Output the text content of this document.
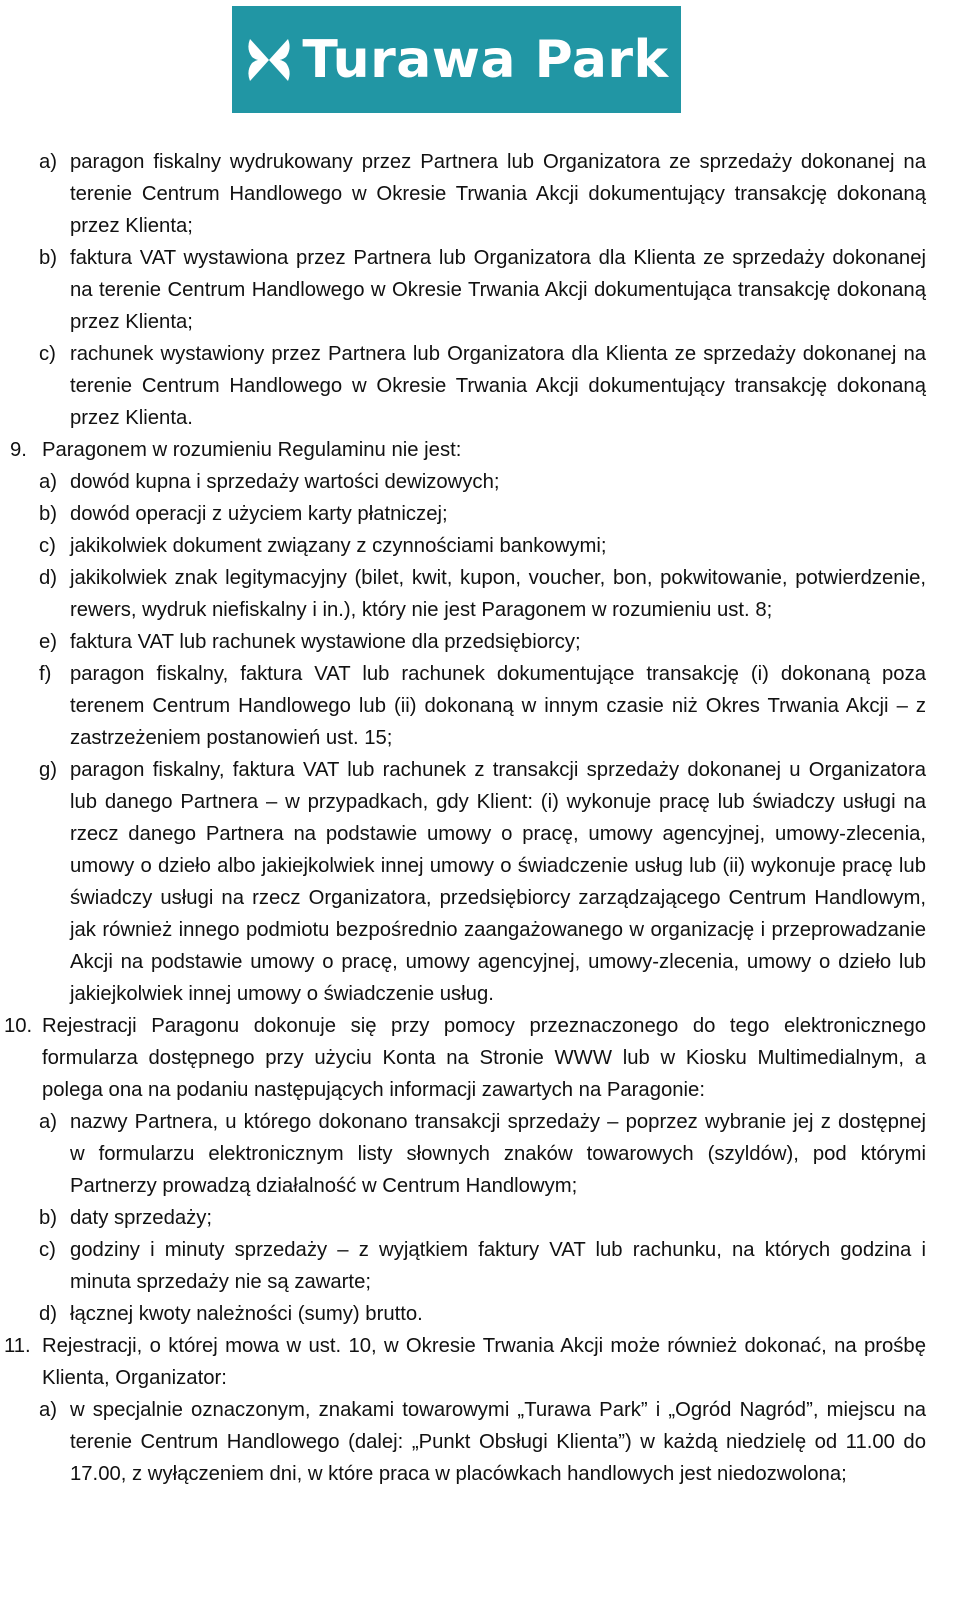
Turawa Park
a) paragon fiskalny wydrukowany przez Partnera lub Organizatora ze sprzedaży dokonanej na terenie Centrum Handlowego w Okresie Trwania Akcji dokumentujący transakcję dokonaną przez Klienta;
b) faktura VAT wystawiona przez Partnera lub Organizatora dla Klienta ze sprzedaży dokonanej na terenie Centrum Handlowego w Okresie Trwania Akcji dokumentująca transakcję dokonaną przez Klienta;
c) rachunek wystawiony przez Partnera lub Organizatora dla Klienta ze sprzedaży dokonanej na terenie Centrum Handlowego w Okresie Trwania Akcji dokumentujący transakcję dokonaną przez Klienta.
9. Paragonem w rozumieniu Regulaminu nie jest:
a) dowód kupna i sprzedaży wartości dewizowych;
b) dowód operacji z użyciem karty płatniczej;
c) jakikolwiek dokument związany z czynnościami bankowymi;
d) jakikolwiek znak legitymacyjny (bilet, kwit, kupon, voucher, bon, pokwitowanie, potwierdzenie, rewers, wydruk niefiskalny i in.), który nie jest Paragonem w rozumieniu ust. 8;
e) faktura VAT lub rachunek wystawione dla przedsiębiorcy;
f) paragon fiskalny, faktura VAT lub rachunek dokumentujące transakcję (i) dokonaną poza terenem Centrum Handlowego lub (ii) dokonaną w innym czasie niż Okres Trwania Akcji – z zastrzeżeniem postanowień ust. 15;
g) paragon fiskalny, faktura VAT lub rachunek z transakcji sprzedaży dokonanej u Organizatora lub danego Partnera – w przypadkach, gdy Klient: (i) wykonuje pracę lub świadczy usługi na rzecz danego Partnera na podstawie umowy o pracę, umowy agencyjnej, umowy-zlecenia, umowy o dzieło albo jakiejkolwiek innej umowy o świadczenie usług lub (ii) wykonuje pracę lub świadczy usługi na rzecz Organizatora, przedsiębiorcy zarządzającego Centrum Handlowym, jak również innego podmiotu bezpośrednio zaangażowanego w organizację i przeprowadzanie Akcji na podstawie umowy o pracę, umowy agencyjnej, umowy-zlecenia, umowy o dzieło lub jakiejkolwiek innej umowy o świadczenie usług.
10. Rejestracji Paragonu dokonuje się przy pomocy przeznaczonego do tego elektronicznego formularza dostępnego przy użyciu Konta na Stronie WWW lub w Kiosku Multimedialnym, a polega ona na podaniu następujących informacji zawartych na Paragonie:
a) nazwy Partnera, u którego dokonano transakcji sprzedaży – poprzez wybranie jej z dostępnej w formularzu elektronicznym listy słownych znaków towarowych (szyldów), pod którymi Partnerzy prowadzą działalność w Centrum Handlowym;
b) daty sprzedaży;
c) godziny i minuty sprzedaży – z wyjątkiem faktury VAT lub rachunku, na których godzina i minuta sprzedaży nie są zawarte;
d) łącznej kwoty należności (sumy) brutto.
11. Rejestracji, o której mowa w ust. 10, w Okresie Trwania Akcji może również dokonać, na prośbę Klienta, Organizator:
a) w specjalnie oznaczonym, znakami towarowymi „Turawa Park” i „Ogród Nagród”, miejscu na terenie Centrum Handlowego (dalej: „Punkt Obsługi Klienta”) w każdą niedzielę od 11.00 do 17.00, z wyłączeniem dni, w które praca w placówkach handlowych jest niedozwolona;
